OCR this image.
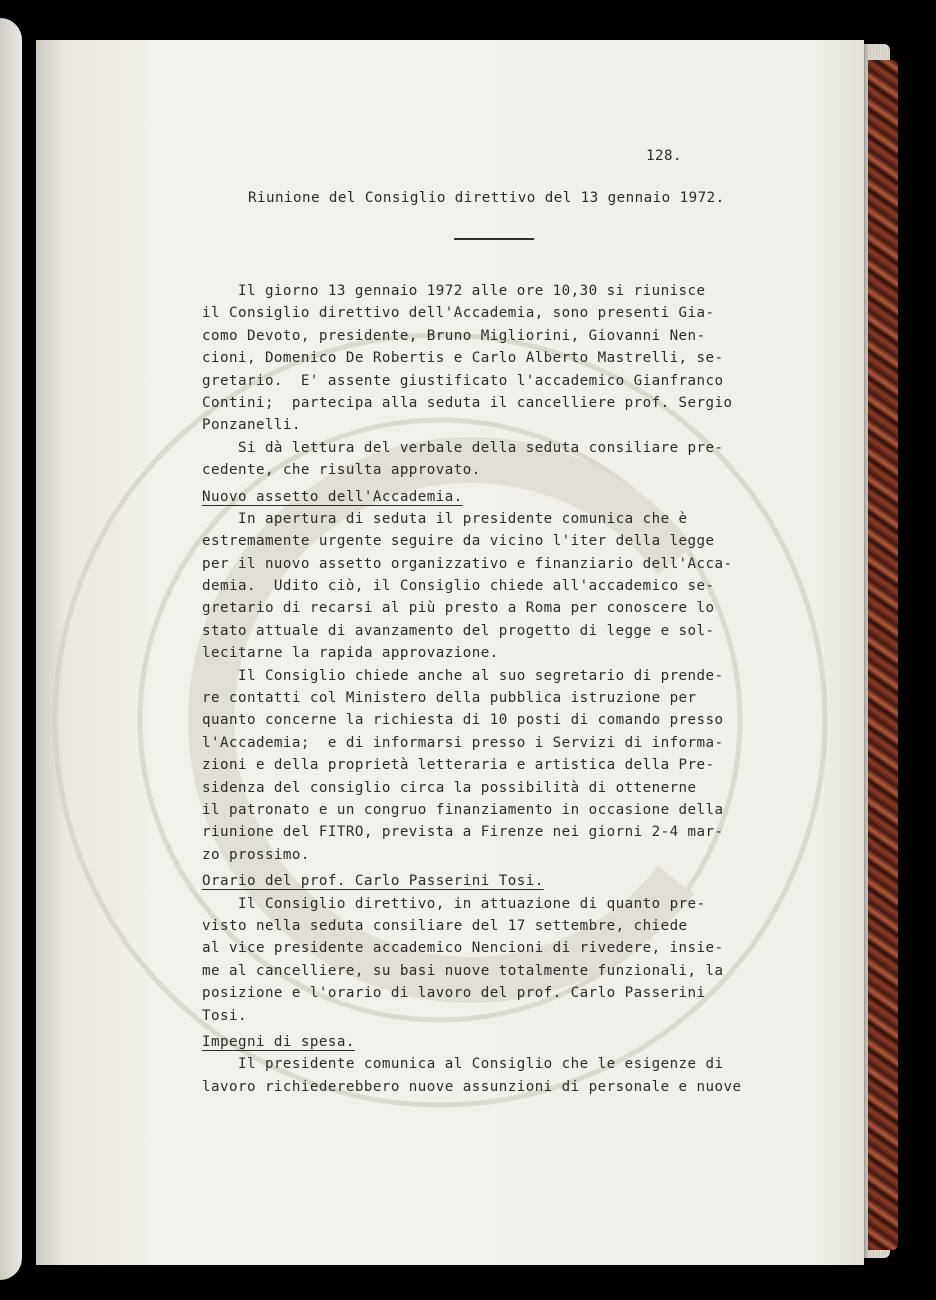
128.
Riunione del Consiglio direttivo del 13 gennaio 1972.
Il giorno 13 gennaio 1972 alle ore 10,30 si riunisce
il Consiglio direttivo dell'Accademia, sono presenti Gia-
como Devoto, presidente, Bruno Migliorini, Giovanni Nen-
cioni, Domenico De Robertis e Carlo Alberto Mastrelli, se-
gretario.  E' assente giustificato l'accademico Gianfranco
Contini;  partecipa alla seduta il cancelliere prof. Sergio
Ponzanelli.
Si dà lettura del verbale della seduta consiliare pre-
cedente, che risulta approvato.
Nuovo assetto dell'Accademia.
In apertura di seduta il presidente comunica che è
estremamente urgente seguire da vicino l'iter della legge
per il nuovo assetto organizzativo e finanziario dell'Acca-
demia.  Udito ciò, il Consiglio chiede all'accademico se-
gretario di recarsi al più presto a Roma per conoscere lo
stato attuale di avanzamento del progetto di legge e sol-
lecitarne la rapida approvazione.
Il Consiglio chiede anche al suo segretario di prende-
re contatti col Ministero della pubblica istruzione per
quanto concerne la richiesta di 10 posti di comando presso
l'Accademia;  e di informarsi presso i Servizi di informa-
zioni e della proprietà letteraria e artistica della Pre-
sidenza del consiglio circa la possibilità di ottenerne
il patronato e un congruo finanziamento in occasione della
riunione del FITRO, prevista a Firenze nei giorni 2-4 mar-
zo prossimo.
Orario del prof. Carlo Passerini Tosi.
Il Consiglio direttivo, in attuazione di quanto pre-
visto nella seduta consiliare del 17 settembre, chiede
al vice presidente accademico Nencioni di rivedere, insie-
me al cancelliere, su basi nuove totalmente funzionali, la
posizione e l'orario di lavoro del prof. Carlo Passerini
Tosi.
Impegni di spesa.
Il presidente comunica al Consiglio che le esigenze di
lavoro richiederebbero nuove assunzioni di personale e nuove
